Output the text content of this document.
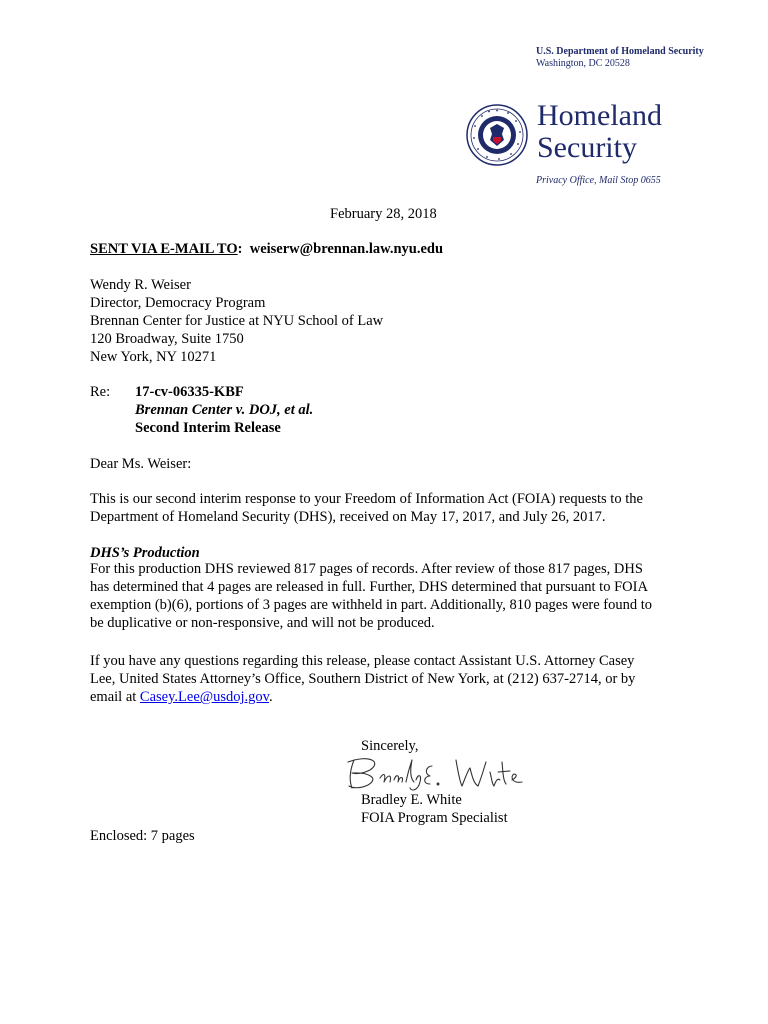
U.S. Department of Homeland Security
Washington, DC 20528
Homeland
Security
Privacy Office, Mail Stop 0655
February 28, 2018
SENT VIA E-MAIL TO:  weiserw@brennan.law.nyu.edu
Wendy R. Weiser
Director, Democracy Program
Brennan Center for Justice at NYU School of Law
120 Broadway, Suite 1750
New York, NY 10271
Re: 17-cv-06335-KBF
Brennan Center v. DOJ, et al.
Second Interim Release
Dear Ms. Weiser:
This is our second interim response to your Freedom of Information Act (FOIA) requests to the
Department of Homeland Security (DHS), received on May 17, 2017, and July 26, 2017.
DHS’s Production
For this production DHS reviewed 817 pages of records. After review of those 817 pages, DHS
has determined that 4 pages are released in full. Further, DHS determined that pursuant to FOIA
exemption (b)(6), portions of 3 pages are withheld in part. Additionally, 810 pages were found to
be duplicative or non-responsive, and will not be produced.
If you have any questions regarding this release, please contact Assistant U.S. Attorney Casey
Lee, United States Attorney’s Office, Southern District of New York, at (212) 637-2714, or by
email at Casey.Lee@usdoj.gov.
Sincerely,
Bradley E. White
FOIA Program Specialist
Enclosed: 7 pages
